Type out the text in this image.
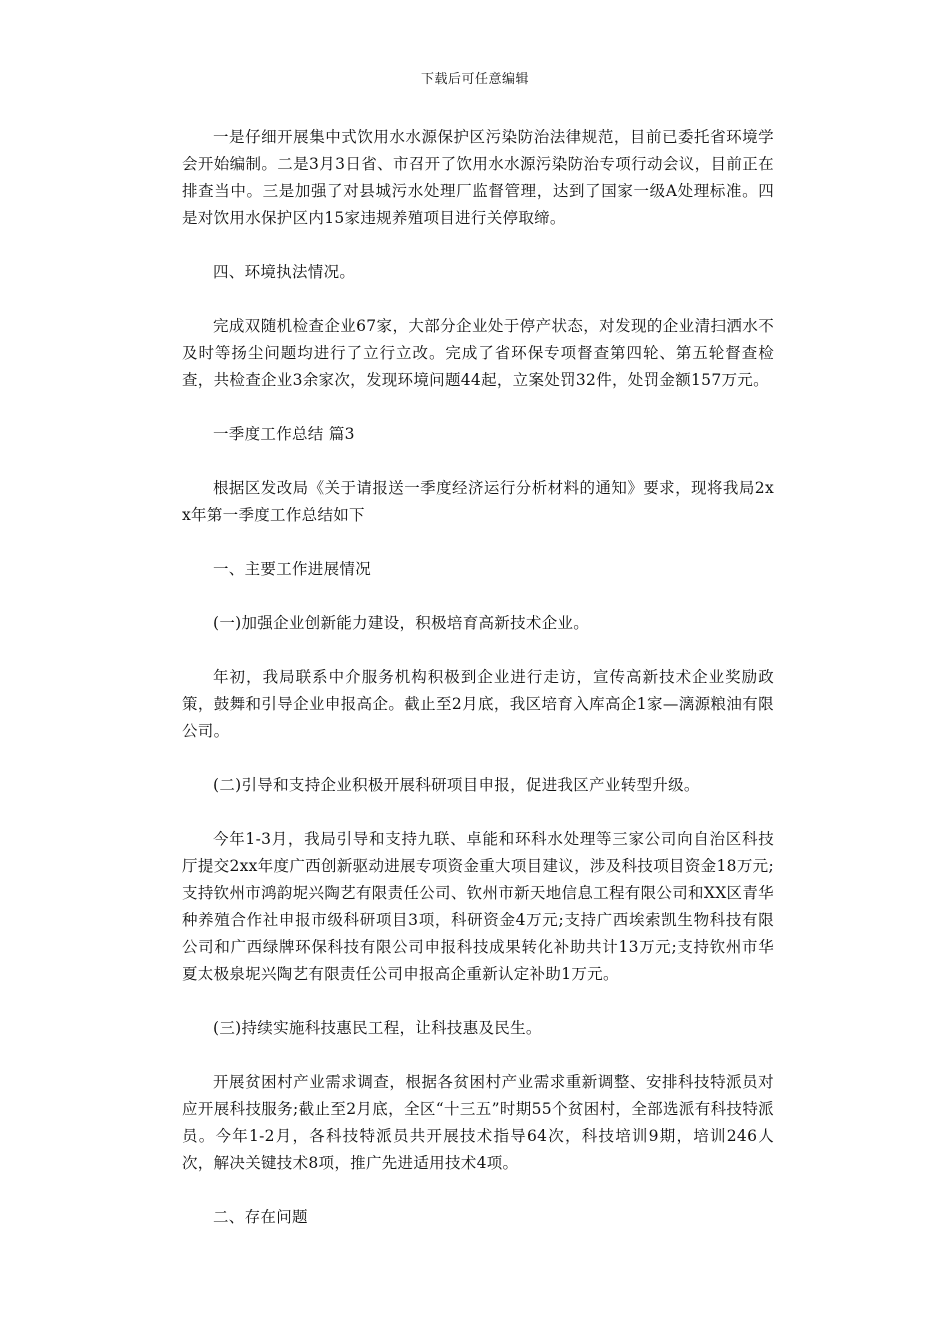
下载后可任意编辑

一是仔细开展集中式饮用水水源保护区污染防治法律规范，目前已委托省环境学会开始编制。二是3月3日省、市召开了饮用水水源污染防治专项行动会议，目前正在排查当中。三是加强了对县城污水处理厂监督管理，达到了国家一级A处理标准。四是对饮用水保护区内15家违规养殖项目进行关停取缔。

四、环境执法情况。

完成双随机检查企业67家，大部分企业处于停产状态，对发现的企业清扫洒水不及时等扬尘问题均进行了立行立改。完成了省环保专项督查第四轮、第五轮督查检查，共检查企业3余家次，发现环境问题44起，立案处罚32件，处罚金额157万元。

一季度工作总结 篇3

根据区发改局《关于请报送一季度经济运行分析材料的通知》要求，现将我局2xx年第一季度工作总结如下

一、主要工作进展情况

(一)加强企业创新能力建设，积极培育高新技术企业。

年初，我局联系中介服务机构积极到企业进行走访，宣传高新技术企业奖励政策，鼓舞和引导企业申报高企。截止至2月底，我区培育入库高企1家—漓源粮油有限公司。

(二)引导和支持企业积极开展科研项目申报，促进我区产业转型升级。

今年1-3月，我局引导和支持九联、卓能和环科水处理等三家公司向自治区科技厅提交2xx年度广西创新驱动进展专项资金重大项目建议，涉及科技项目资金18万元;支持钦州市鸿韵坭兴陶艺有限责任公司、钦州市新天地信息工程有限公司和XX区青华种养殖合作社申报市级科研项目3项，科研资金4万元;支持广西埃索凯生物科技有限公司和广西绿牌环保科技有限公司申报科技成果转化补助共计13万元;支持钦州市华夏太极泉坭兴陶艺有限责任公司申报高企重新认定补助1万元。

(三)持续实施科技惠民工程，让科技惠及民生。

开展贫困村产业需求调查，根据各贫困村产业需求重新调整、安排科技特派员对应开展科技服务;截止至2月底，全区“十三五”时期55个贫困村，全部选派有科技特派员。今年1-2月，各科技特派员共开展技术指导64次，科技培训9期，培训246人次，解决关键技术8项，推广先进适用技术4项。

二、存在问题
